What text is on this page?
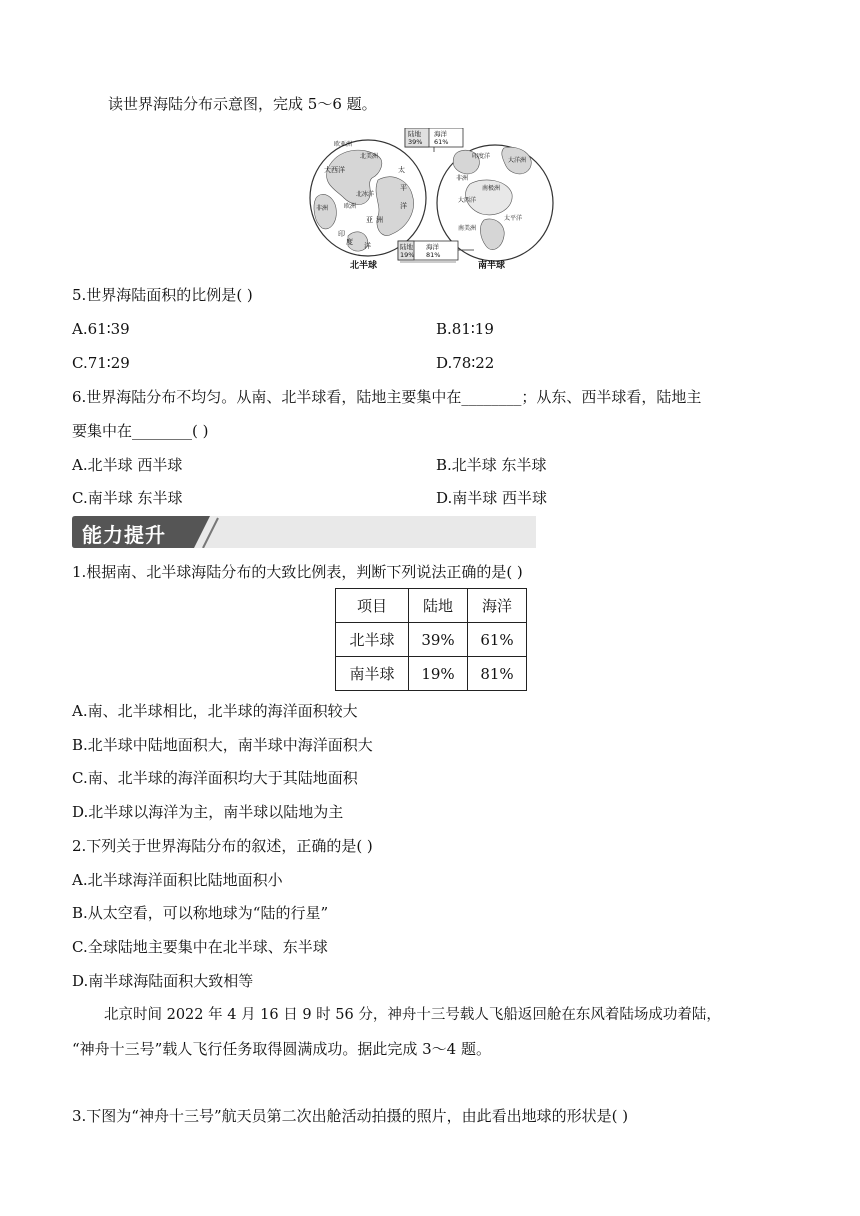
读世界海陆分布示意图，完成 5～6 题。
陆地 39% 海洋 61% 陆地 19% 海洋 81%
欧亚洲 北美洲 大西洋	太 平 洋 北冰洋 欧洲 非洲 亚 洲 印 度 洋 印度洋 大洋洲 非洲 南极洲 大西洋 南美洲 太平洋
北半球	南半球
5.世界海陆面积的比例是( )
A.61∶39	B.81∶19
C.71∶29	D.78∶22
6.世界海陆分布不均匀。从南、北半球看，陆地主要集中在________；从东、西半球看，陆地主
要集中在________( )
A.北半球 西半球	B.北半球 东半球
C.南半球 东半球	D.南半球 西半球
能力提升
1.根据南、北半球海陆分布的大致比例表，判断下列说法正确的是( )
项目	陆地	海洋
北半球	39%	61%
南半球	19%	81%
A.南、北半球相比，北半球的海洋面积较大
B.北半球中陆地面积大，南半球中海洋面积大
C.南、北半球的海洋面积均大于其陆地面积
D.北半球以海洋为主，南半球以陆地为主
2.下列关于世界海陆分布的叙述，正确的是( )
A.北半球海洋面积比陆地面积小
B.从太空看，可以称地球为“陆的行星”
C.全球陆地主要集中在北半球、东半球
D.南半球海陆面积大致相等
北京时间 2022 年 4 月 16 日 9 时 56 分，神舟十三号载人飞船返回舱在东风着陆场成功着陆，
“神舟十三号”载人飞行任务取得圆满成功。据此完成 3～4 题。
3.下图为“神舟十三号”航天员第二次出舱活动拍摄的照片，由此看出地球的形状是( )
